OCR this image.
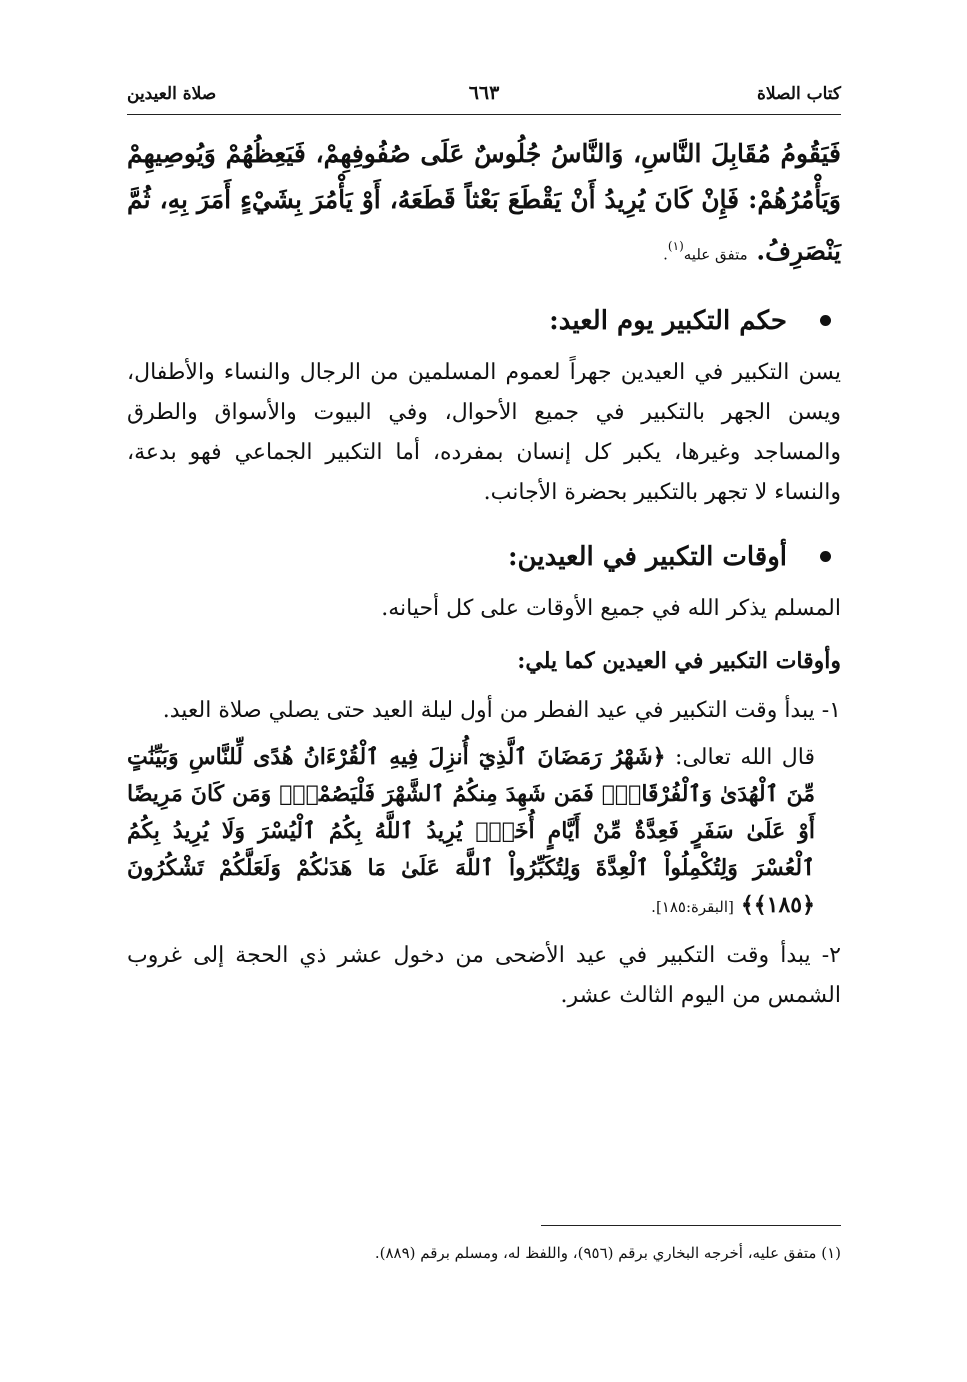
كتاب الصلاة
٦٦٣
صلاة العيدين
فَيَقُومُ مُقَابِلَ النَّاسِ، وَالنَّاسُ جُلُوسٌ عَلَى صُفُوفِهِمْ، فَيَعِظُهُمْ وَيُوصِيهِمْ وَيَأْمُرُهُمْ: فَإِنْ كَانَ يُرِيدُ أَنْ يَقْطَعَ بَعْثاً قَطَعَهُ، أَوْ يَأْمُرَ بِشَيْءٍ أَمَرَ بِهِ، ثُمَّ يَنْصَرِفُ. متفق عليه$^{(١)}$.
حكم التكبير يوم العيد:
يسن التكبير في العيدين جهراً لعموم المسلمين من الرجال والنساء والأطفال، ويسن الجهر بالتكبير في جميع الأحوال، وفي البيوت والأسواق والطرق والمساجد وغيرها، يكبر كل إنسان بمفرده، أما التكبير الجماعي فهو بدعة، والنساء لا تجهر بالتكبير بحضرة الأجانب.
أوقات التكبير في العيدين:
المسلم يذكر الله في جميع الأوقات على كل أحيانه.
وأوقات التكبير في العيدين كما يلي:
١- يبدأ وقت التكبير في عيد الفطر من أول ليلة العيد حتى يصلي صلاة العيد.
قال الله تعالى: ﴿شَهْرُ رَمَضَانَ ٱلَّذِيٓ أُنزِلَ فِيهِ ٱلْقُرْءَانُ هُدًى لِّلنَّاسِ وَبَيِّنَٰتٍ مِّنَ ٱلْهُدَىٰ وَٱلْفُرْقَانِۚ فَمَن شَهِدَ مِنكُمُ ٱلشَّهْرَ فَلْيَصُمْهُۖ وَمَن كَانَ مَرِيضًا أَوْ عَلَىٰ سَفَرٍ فَعِدَّةٌ مِّنْ أَيَّامٍ أُخَرَۗ يُرِيدُ ٱللَّهُ بِكُمُ ٱلْيُسْرَ وَلَا يُرِيدُ بِكُمُ ٱلْعُسْرَ وَلِتُكْمِلُواْ ٱلْعِدَّةَ وَلِتُكَبِّرُواْ ٱللَّهَ عَلَىٰ مَا هَدَىٰكُمْ وَلَعَلَّكُمْ تَشْكُرُونَ ﴿١٨٥﴾﴾ [البقرة:١٨٥].
٢- يبدأ وقت التكبير في عيد الأضحى من دخول عشر ذي الحجة إلى غروب الشمس من اليوم الثالث عشر.
(١) متفق عليه، أخرجه البخاري برقم (٩٥٦)، واللفظ له، ومسلم برقم (٨٨٩).
